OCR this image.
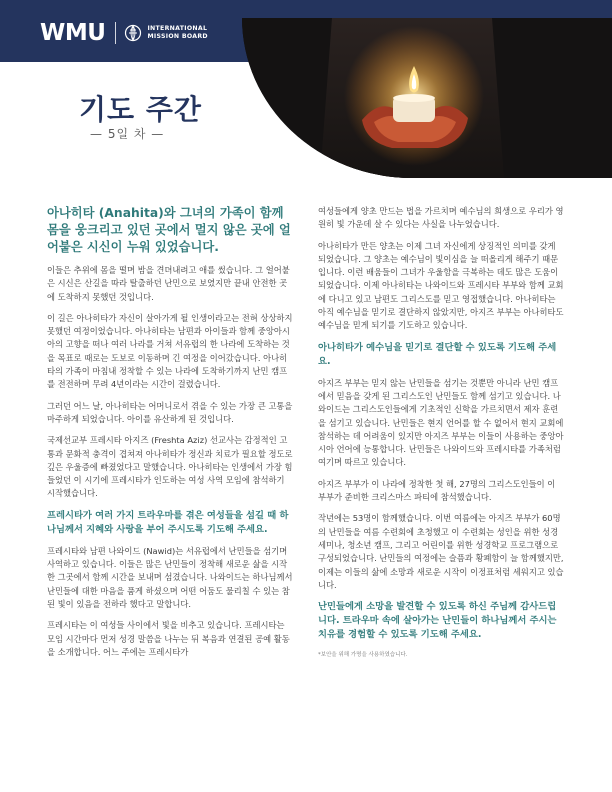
WMU	INTERNATIONAL
MISSION BOARD
기도 주간
— 5일 차 —

아나히타 (Anahita)와 그녀의 가족이 함께 몸을 웅크리고 있던 곳에서 멀지 않은 곳에 얼어붙은 시신이 누워 있었습니다.

이들은 추위에 몸을 떨며 밤을 견뎌내려고 애를 썼습니다. 그 얼어붙은 시신은 산길을 따라 탈출하던 난민으로 보였지만 끝내 안전한 곳에 도착하지 못했던 것입니다.

이 길은 아나히타가 자신이 살아가게 될 인생이라고는 전혀 상상하지 못했던 여정이었습니다. 아나히타는 남편과 아이들과 함께 중앙아시아의 고향을 떠나 여러 나라를 거쳐 서유럽의 한 나라에 도착하는 것을 목표로 때로는 도보로 이동하며 긴 여정을 이어갔습니다. 아나히타의 가족이 마침내 정착할 수 있는 나라에 도착하기까지 난민 캠프를 전전하며 무려 4년이라는 시간이 걸렸습니다.

그러던 어느 날, 아나히타는 어머니로서 겪을 수 있는 가장 큰 고통을 마주하게 되었습니다. 아이를 유산하게 된 것입니다.

국제선교부 프레시타 아지즈 (Freshta Aziz) 선교사는 감정적인 고통과 문화적 충격이 겹쳐져 아나히타가 정신과 치료가 필요할 정도로 깊은 우울증에 빠졌었다고 말했습니다. 아나히타는 인생에서 가장 힘들었던 이 시기에 프레시타가 인도하는 여성 사역 모임에 참석하기 시작했습니다.

프레시타가 여러 가지 트라우마를 겪은 여성들을 섬길 때 하나님께서 지혜와 사랑을 부어 주시도록 기도해 주세요.

프레시타와 남편 나와이드 (Nawid)는 서유럽에서 난민들을 섬기며 사역하고 있습니다. 이들은 많은 난민들이 정착해 새로운 삶을 시작한 그곳에서 함께 시간을 보내며 섬겼습니다. 나와이드는 하나님께서 난민들에 대한 마음을 품게 하셨으며 어떤 어둠도 물리칠 수 있는 참된 빛이 있음을 전하라 했다고 말합니다.

프레시타는 이 여성들 사이에서 빛을 비추고 있습니다. 프레시타는 모임 시간마다 먼저 성경 말씀을 나누는 뒤 복음과 연결된 공예 활동을 소개합니다. 어느 주에는 프레시타가

여성들에게 양초 만드는 법을 가르치며 예수님의 희생으로 우리가 영원히 빛 가운데 살 수 있다는 사실을 나누었습니다.

아나히타가 만든 양초는 이제 그녀 자신에게 상징적인 의미를 갖게 되었습니다. 그 양초는 예수님이 빛이심을 늘 떠올리게 해주기 때문입니다. 이런 배움들이 그녀가 우울함을 극복하는 데도 많은 도움이 되었습니다. 이제 아나히타는 나와이드와 프레시타 부부와 함께 교회에 다니고 있고 남편도 그리스도를 믿고 영접했습니다. 아나히타는 아직 예수님을 믿기로 결단하지 않았지만, 아지즈 부부는 아나히타도 예수님을 믿게 되기를 기도하고 있습니다.

아나히타가 예수님을 믿기로 결단할 수 있도록 기도해 주세요.

아지즈 부부는 믿지 않는 난민들을 섬기는 것뿐만 아니라 난민 캠프에서 믿음을 갖게 된 그리스도인 난민들도 함께 섬기고 있습니다. 나와이드는 그리스도인들에게 기초적인 신학을 가르치면서 제자 훈련을 섬기고 있습니다. 난민들은 현지 언어를 할 수 없어서 현지 교회에 참석하는 데 어려움이 있지만 아지즈 부부는 이들이 사용하는 중앙아시아 언어에 능통합니다. 난민들은 나와이드와 프레시타를 가족처럼 여기며 따르고 있습니다.

아지즈 부부가 이 나라에 정착한 첫 해, 27명의 그리스도인들이 이 부부가 준비한 크리스마스 파티에 참석했습니다.

작년에는 53명이 함께했습니다. 이번 여름에는 아지즈 부부가 60명의 난민들을 여름 수련회에 초청했고 이 수련회는 성인을 위한 성경 세미나, 청소년 캠프, 그리고 어린이를 위한 성경학교 프로그램으로 구성되었습니다. 난민들의 여정에는 슬픔과 황폐함이 늘 함께했지만, 이제는 이들의 삶에 소망과 새로운 시작이 이정표처럼 세워지고 있습니다.

난민들에게 소망을 발견할 수 있도록 하신 주님께 감사드립니다. 트라우마 속에 살아가는 난민들이 하나님께서 주시는 치유를 경험할 수 있도록 기도해 주세요.

*보안을 위해 가명을 사용하였습니다.
